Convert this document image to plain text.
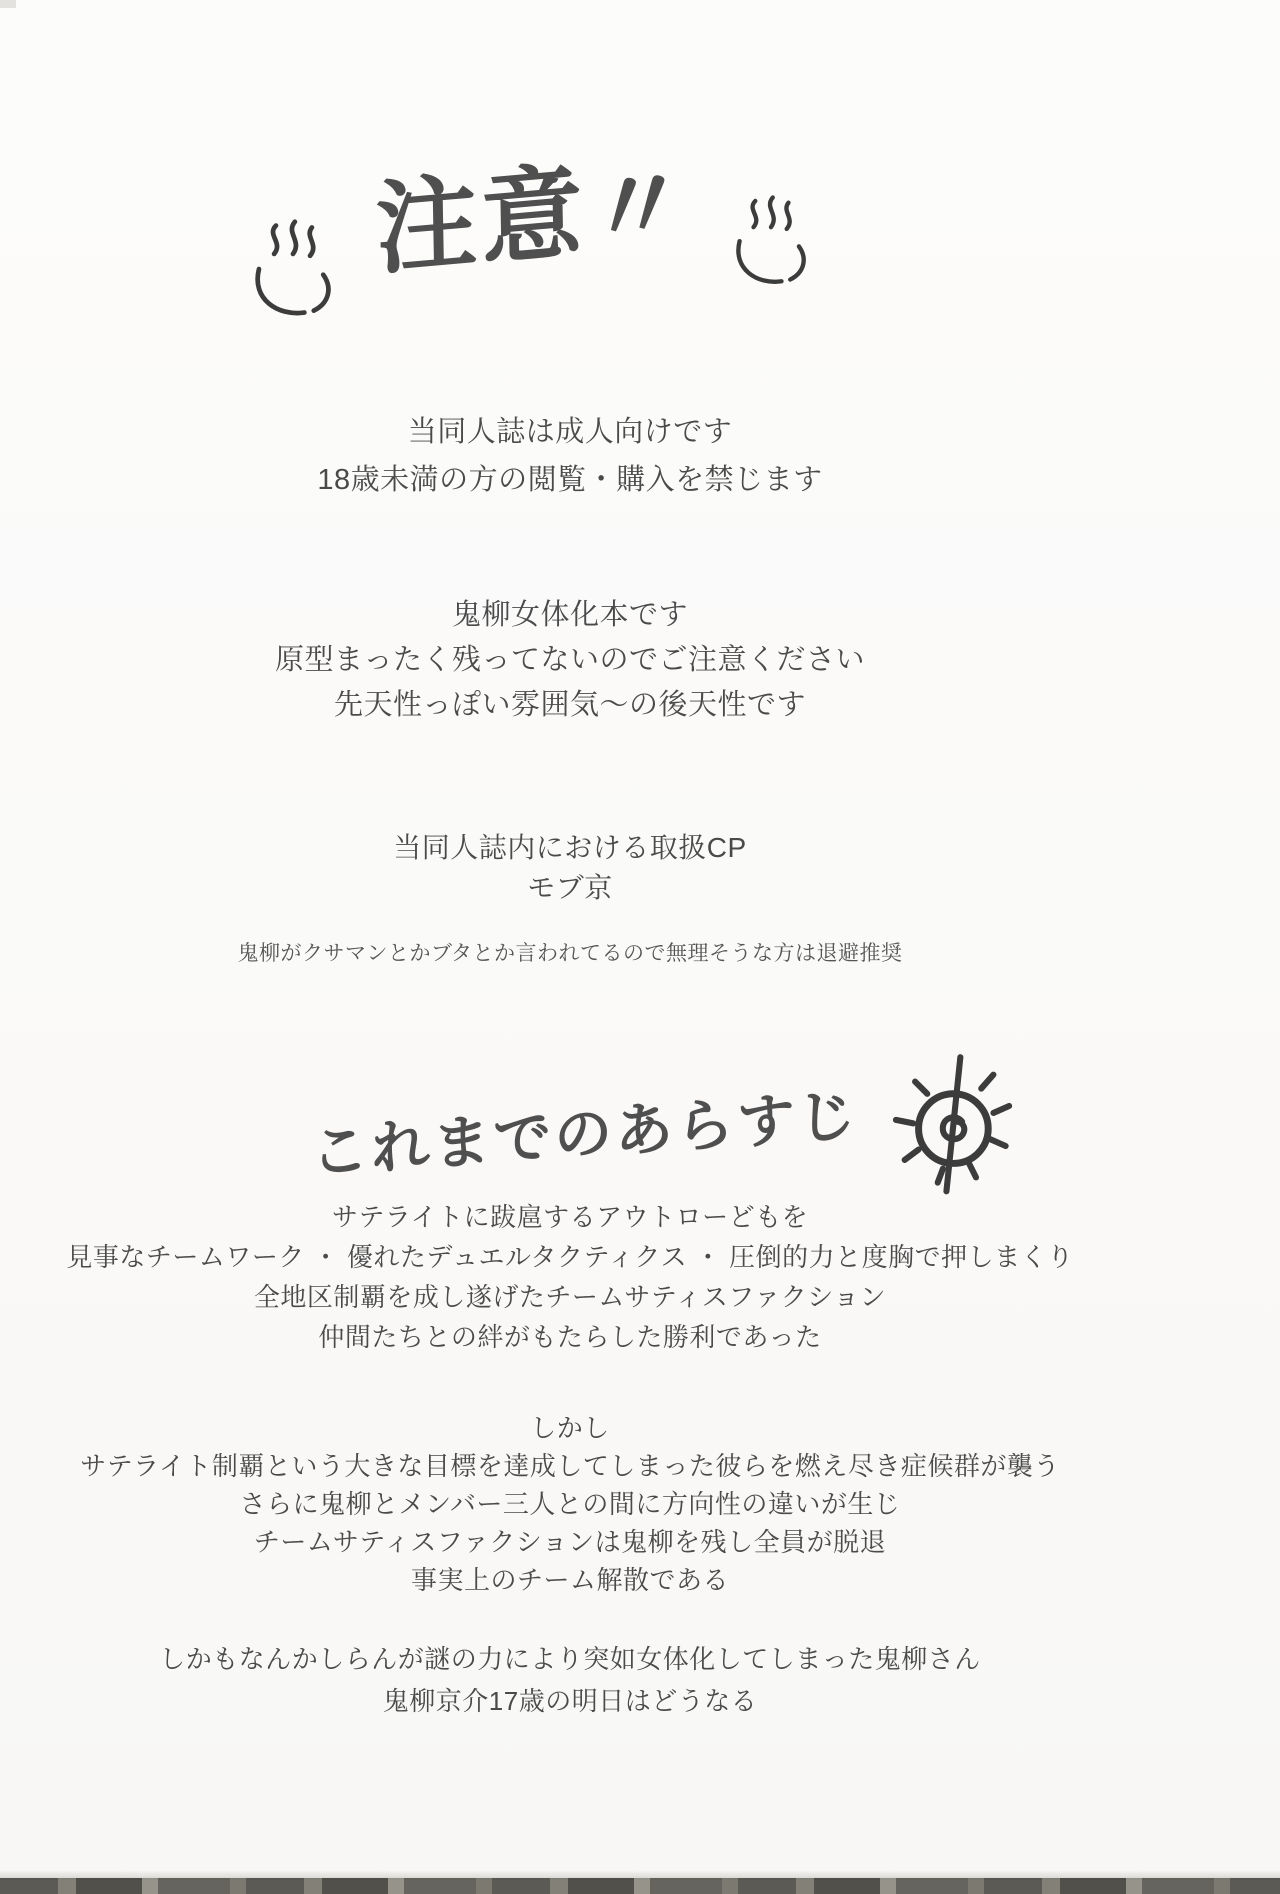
注意〃
当同人誌は成人向けです
18歳未満の方の閲覧・購入を禁じます
鬼柳女体化本です
原型まったく残ってないのでご注意ください
先天性っぽい雰囲気～の後天性です
当同人誌内における取扱CP
モブ京
鬼柳がクサマンとかブタとか言われてるので無理そうな方は退避推奨
これまでのあらすじ
サテライトに跋扈するアウトローどもを
見事なチームワーク ・ 優れたデュエルタクティクス ・ 圧倒的力と度胸で押しまくり
全地区制覇を成し遂げたチームサティスファクション
仲間たちとの絆がもたらした勝利であった
しかし
サテライト制覇という大きな目標を達成してしまった彼らを燃え尽き症候群が襲う
さらに鬼柳とメンバー三人との間に方向性の違いが生じ
チームサティスファクションは鬼柳を残し全員が脱退
事実上のチーム解散である
しかもなんかしらんが謎の力により突如女体化してしまった鬼柳さん
鬼柳京介17歳の明日はどうなる
